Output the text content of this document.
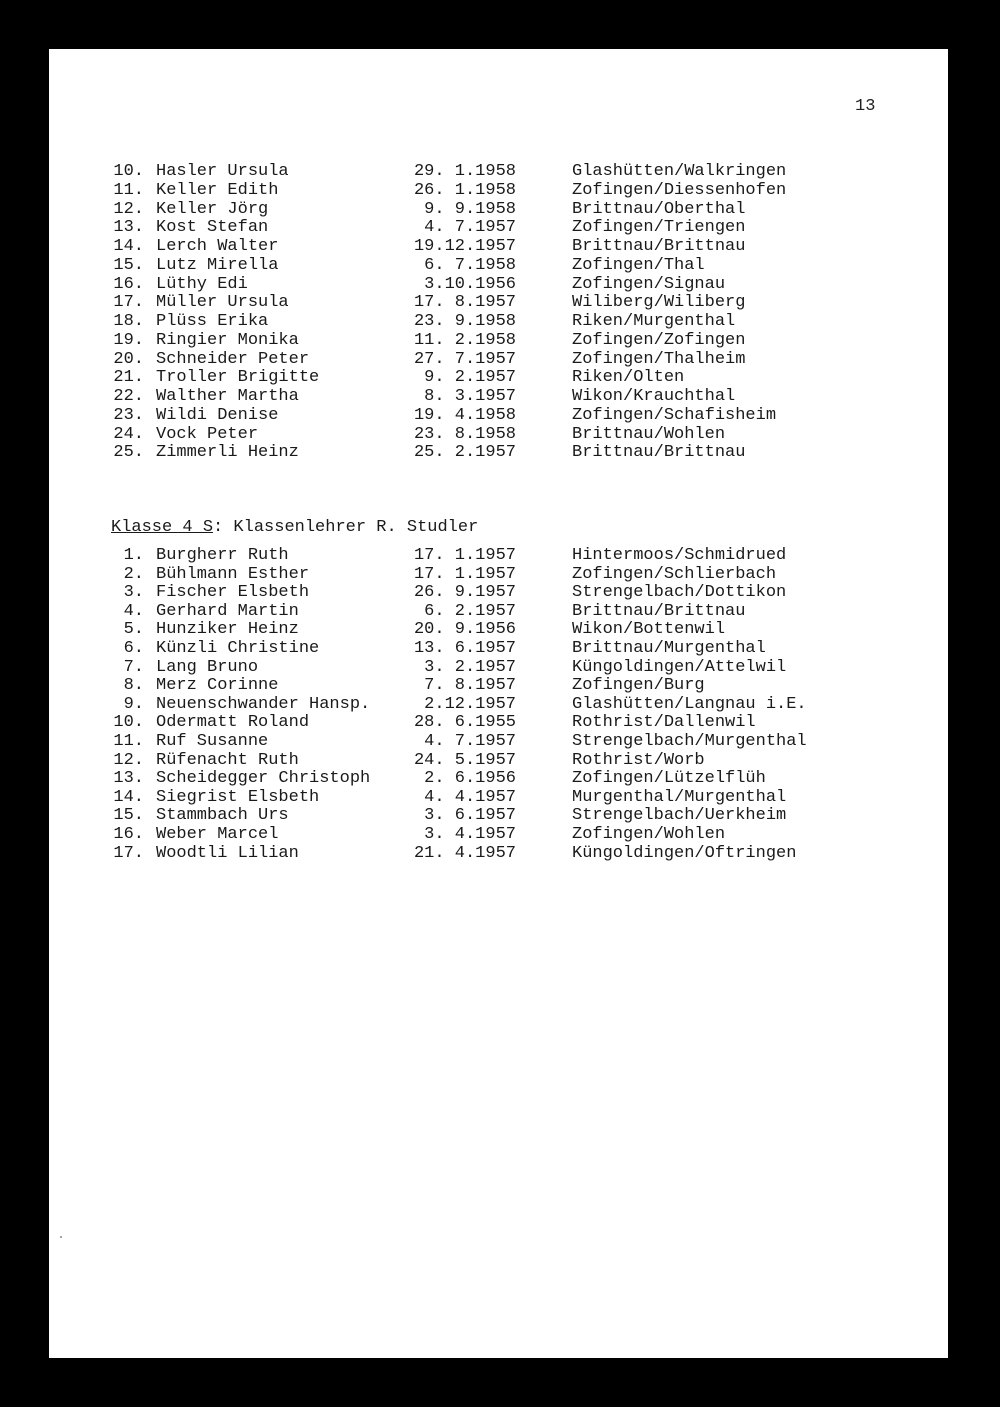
13
10. Hasler Ursula	29. 1.1958	Glashütten/Walkringen
11. Keller Edith	26. 1.1958	Zofingen/Diessenhofen
12. Keller Jörg	9. 9.1958	Brittnau/Oberthal
13. Kost Stefan	4. 7.1957	Zofingen/Triengen
14. Lerch Walter	19.12.1957	Brittnau/Brittnau
15. Lutz Mirella	6. 7.1958	Zofingen/Thal
16. Lüthy Edi	3.10.1956	Zofingen/Signau
17. Müller Ursula	17. 8.1957	Wiliberg/Wiliberg
18. Plüss Erika	23. 9.1958	Riken/Murgenthal
19. Ringier Monika	11. 2.1958	Zofingen/Zofingen
20. Schneider Peter	27. 7.1957	Zofingen/Thalheim
21. Troller Brigitte	9. 2.1957	Riken/Olten
22. Walther Martha	8. 3.1957	Wikon/Krauchthal
23. Wildi Denise	19. 4.1958	Zofingen/Schafisheim
24. Vock Peter	23. 8.1958	Brittnau/Wohlen
25. Zimmerli Heinz	25. 2.1957	Brittnau/Brittnau
Klasse 4 S: Klassenlehrer R. Studler
1. Burgherr Ruth	17. 1.1957	Hintermoos/Schmidrued
2. Bühlmann Esther	17. 1.1957	Zofingen/Schlierbach
3. Fischer Elsbeth	26. 9.1957	Strengelbach/Dottikon
4. Gerhard Martin	6. 2.1957	Brittnau/Brittnau
5. Hunziker Heinz	20. 9.1956	Wikon/Bottenwil
6. Künzli Christine	13. 6.1957	Brittnau/Murgenthal
7. Lang Bruno	3. 2.1957	Küngoldingen/Attelwil
8. Merz Corinne	7. 8.1957	Zofingen/Burg
9. Neuenschwander Hansp.	2.12.1957	Glashütten/Langnau i.E.
10. Odermatt Roland	28. 6.1955	Rothrist/Dallenwil
11. Ruf Susanne	4. 7.1957	Strengelbach/Murgenthal
12. Rüfenacht Ruth	24. 5.1957	Rothrist/Worb
13. Scheidegger Christoph	2. 6.1956	Zofingen/Lützelflüh
14. Siegrist Elsbeth	4. 4.1957	Murgenthal/Murgenthal
15. Stammbach Urs	3. 6.1957	Strengelbach/Uerkheim
16. Weber Marcel	3. 4.1957	Zofingen/Wohlen
17. Woodtli Lilian	21. 4.1957	Küngoldingen/Oftringen
